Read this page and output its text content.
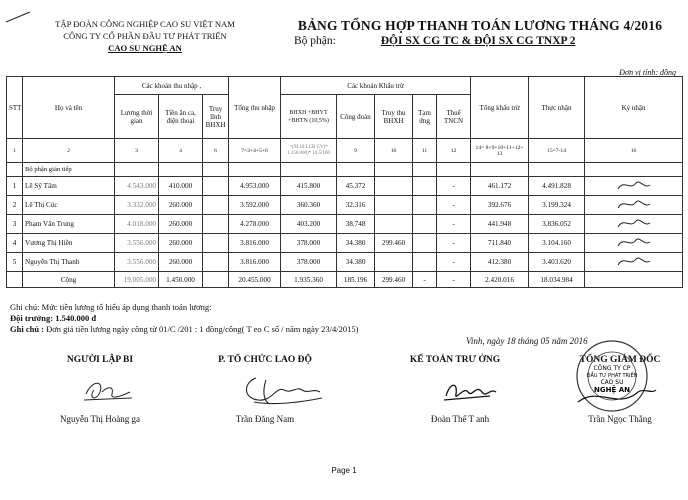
TẬP ĐOÀN CÔNG NGHIỆP CAO SU VIỆT NAM
CÔNG TY CỔ PHẦN ĐẦU TƯ PHÁT TRIỂN
CAO SU NGHỆ AN
BẢNG TỔNG HỢP THANH TOÁN LƯƠNG THÁNG 4/2016
Bộ phận:	ĐỘI SX CG TC & ĐỘI SX CG TNXP 2
Đơn vị tính: đồng
STT	Họ và tên	Các khoản thu nhập ,			Tổng thu nhập	Các khoản Khấu trừ					Tổng khấu trừ	Thực nhận	Ký nhận
		Lương thời gian	Tiền ăn ca, điện thoại	Truy lĩnh BHXH		BHXH +BHYT +BHTN (10,5%)	Công đoàn	Truy thu BHXH	Tạm ứng	Thuế TNCN			
1	2	3	4	6	7=3+4+5+6	=(9L10 LCB CV)* 1.150.000)* 10,5/100	9	10	11	12	14= 8+9+10+11+12+ 13	15=7-14	16
	Bộ phận gián tiếp												
1	Lê Sỹ Tâm	4.543.000	410.000		4.953.000	415.800	45.372			-	461.172	4.491.828	
2	Lê Thị Cúc	3.332.000	260.000		3.592.000	360.360	32.316			-	392.676	3.199.324	
3	Phạm Văn Trung	4.018.000	260.000		4.278.000	403.200	38.748			-	441.948	3.836.052	
4	Vương Thị Hiền	3.556.000	260.000		3.816.000	378.000	34.380	299.460		-	711.840	3.104.160	
5	Nguyễn Thị Thanh	3.556.000	260.000		3.816.000	378.000	34.380			-	412.380	3.403.620	
	Cộng	19.005.000	1.450.000		20.455.000	1.935.360	185.196	299.460	-	-	2.420.016	18.034.984	
Ghi chú: Mức tiền lương tố hiểu áp dụng thanh toán lương:
Đội trưởng: 1.540.000 đ
Ghi chú : Đơn giá tiền lương ngày công từ 01/C /201 : 1 đồng/công( T eo C số / năm ngày 23/4/2015)
Vinh, ngày 18 tháng 05 năm 2016
NGƯỜI LẬP BI	P. TỔ CHỨC LAO ĐỘ	KẾ TOÁN TRƯ ỞNG	TỔNG GIÁM ĐỐC
CÔNG TY CP
ĐẦU TƯ PHÁT TRIỂN
CAO SU
NGHỆ AN
Nguyễn Thị Hoàng ga	Trần Đăng Nam	Đoàn Thế T anh	Trần Ngọc Thắng
Page 1
